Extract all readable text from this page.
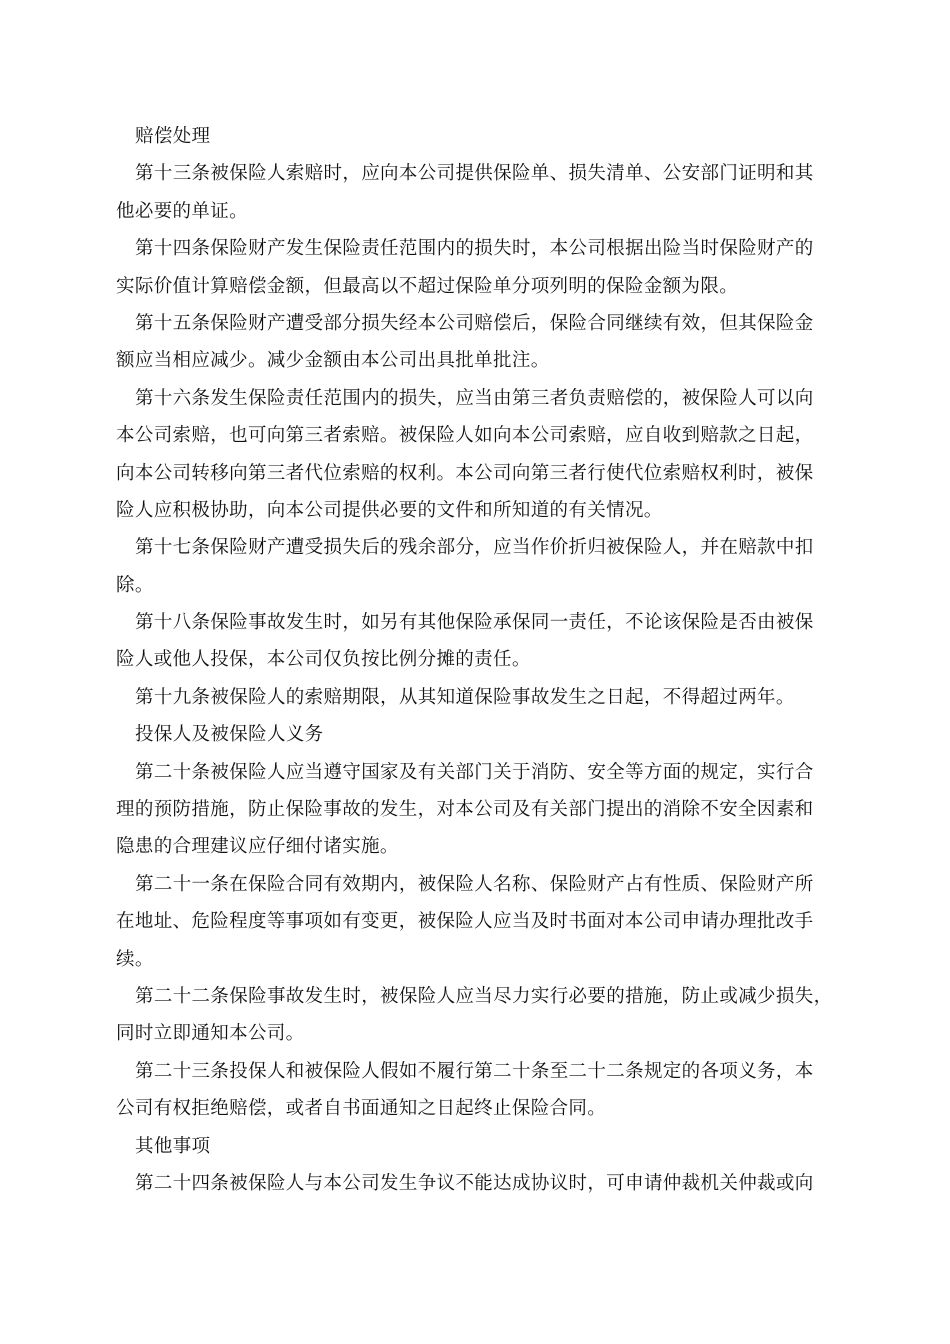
赔偿处理
第十三条被保险人索赔时，应向本公司提供保险单、损失清单、公安部门证明和其
他必要的单证。
第十四条保险财产发生保险责任范围内的损失时，本公司根据出险当时保险财产的
实际价值计算赔偿金额，但最高以不超过保险单分项列明的保险金额为限。
第十五条保险财产遭受部分损失经本公司赔偿后，保险合同继续有效，但其保险金
额应当相应减少。减少金额由本公司出具批单批注。
第十六条发生保险责任范围内的损失，应当由第三者负责赔偿的，被保险人可以向
本公司索赔，也可向第三者索赔。被保险人如向本公司索赔，应自收到赔款之日起，
向本公司转移向第三者代位索赔的权利。本公司向第三者行使代位索赔权利时，被保
险人应积极协助，向本公司提供必要的文件和所知道的有关情况。
第十七条保险财产遭受损失后的残余部分，应当作价折归被保险人，并在赔款中扣
除。
第十八条保险事故发生时，如另有其他保险承保同一责任，不论该保险是否由被保
险人或他人投保，本公司仅负按比例分摊的责任。
第十九条被保险人的索赔期限，从其知道保险事故发生之日起，不得超过两年。
投保人及被保险人义务
第二十条被保险人应当遵守国家及有关部门关于消防、安全等方面的规定，实行合
理的预防措施，防止保险事故的发生，对本公司及有关部门提出的消除不安全因素和
隐患的合理建议应仔细付诸实施。
第二十一条在保险合同有效期内，被保险人名称、保险财产占有性质、保险财产所
在地址、危险程度等事项如有变更，被保险人应当及时书面对本公司申请办理批改手
续。
第二十二条保险事故发生时，被保险人应当尽力实行必要的措施，防止或减少损失，
同时立即通知本公司。
第二十三条投保人和被保险人假如不履行第二十条至二十二条规定的各项义务，本
公司有权拒绝赔偿，或者自书面通知之日起终止保险合同。
其他事项
第二十四条被保险人与本公司发生争议不能达成协议时，可申请仲裁机关仲裁或向
